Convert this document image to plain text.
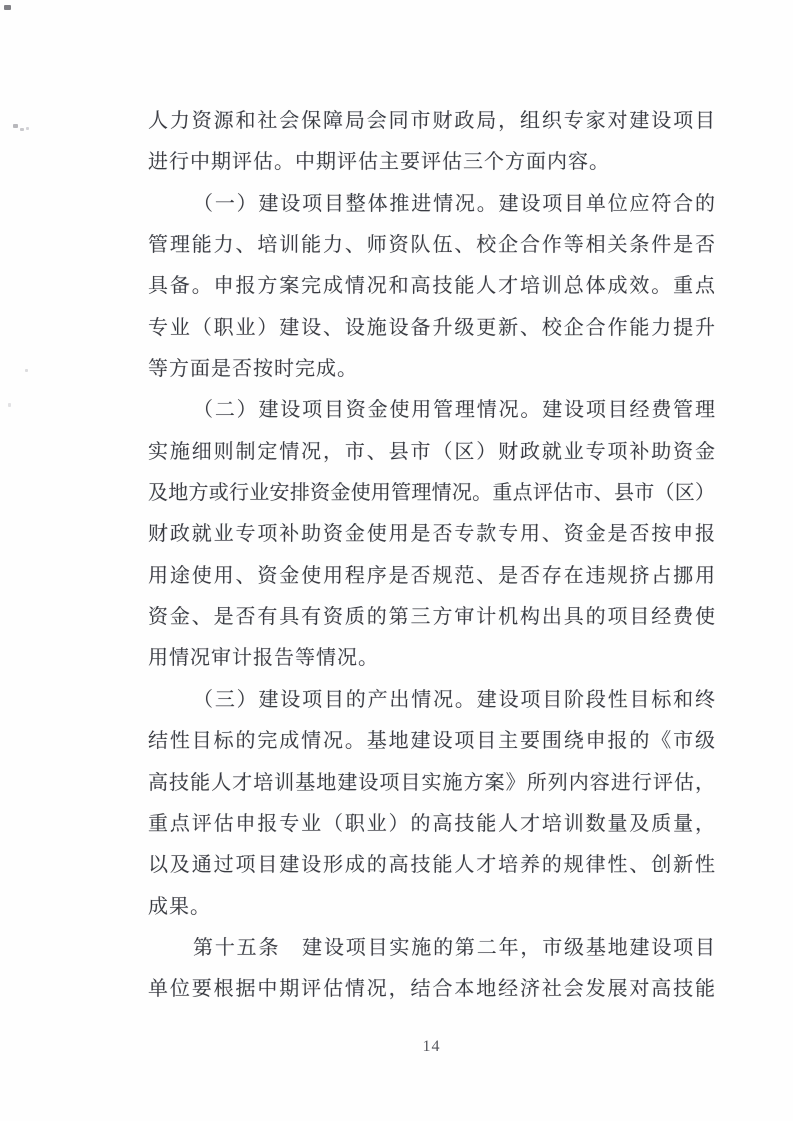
人力资源和社会保障局会同市财政局，组织专家对建设项目
进行中期评估。中期评估主要评估三个方面内容。
（一）建设项目整体推进情况。建设项目单位应符合的
管理能力、培训能力、师资队伍、校企合作等相关条件是否
具备。申报方案完成情况和高技能人才培训总体成效。重点
专业（职业）建设、设施设备升级更新、校企合作能力提升
等方面是否按时完成。
（二）建设项目资金使用管理情况。建设项目经费管理
实施细则制定情况，市、县市（区）财政就业专项补助资金
及地方或行业安排资金使用管理情况。重点评估市、县市（区）
财政就业专项补助资金使用是否专款专用、资金是否按申报
用途使用、资金使用程序是否规范、是否存在违规挤占挪用
资金、是否有具有资质的第三方审计机构出具的项目经费使
用情况审计报告等情况。
（三）建设项目的产出情况。建设项目阶段性目标和终
结性目标的完成情况。基地建设项目主要围绕申报的《市级
高技能人才培训基地建设项目实施方案》所列内容进行评估，
重点评估申报专业（职业）的高技能人才培训数量及质量，
以及通过项目建设形成的高技能人才培养的规律性、创新性
成果。
第十五条　建设项目实施的第二年，市级基地建设项目
单位要根据中期评估情况，结合本地经济社会发展对高技能
14
